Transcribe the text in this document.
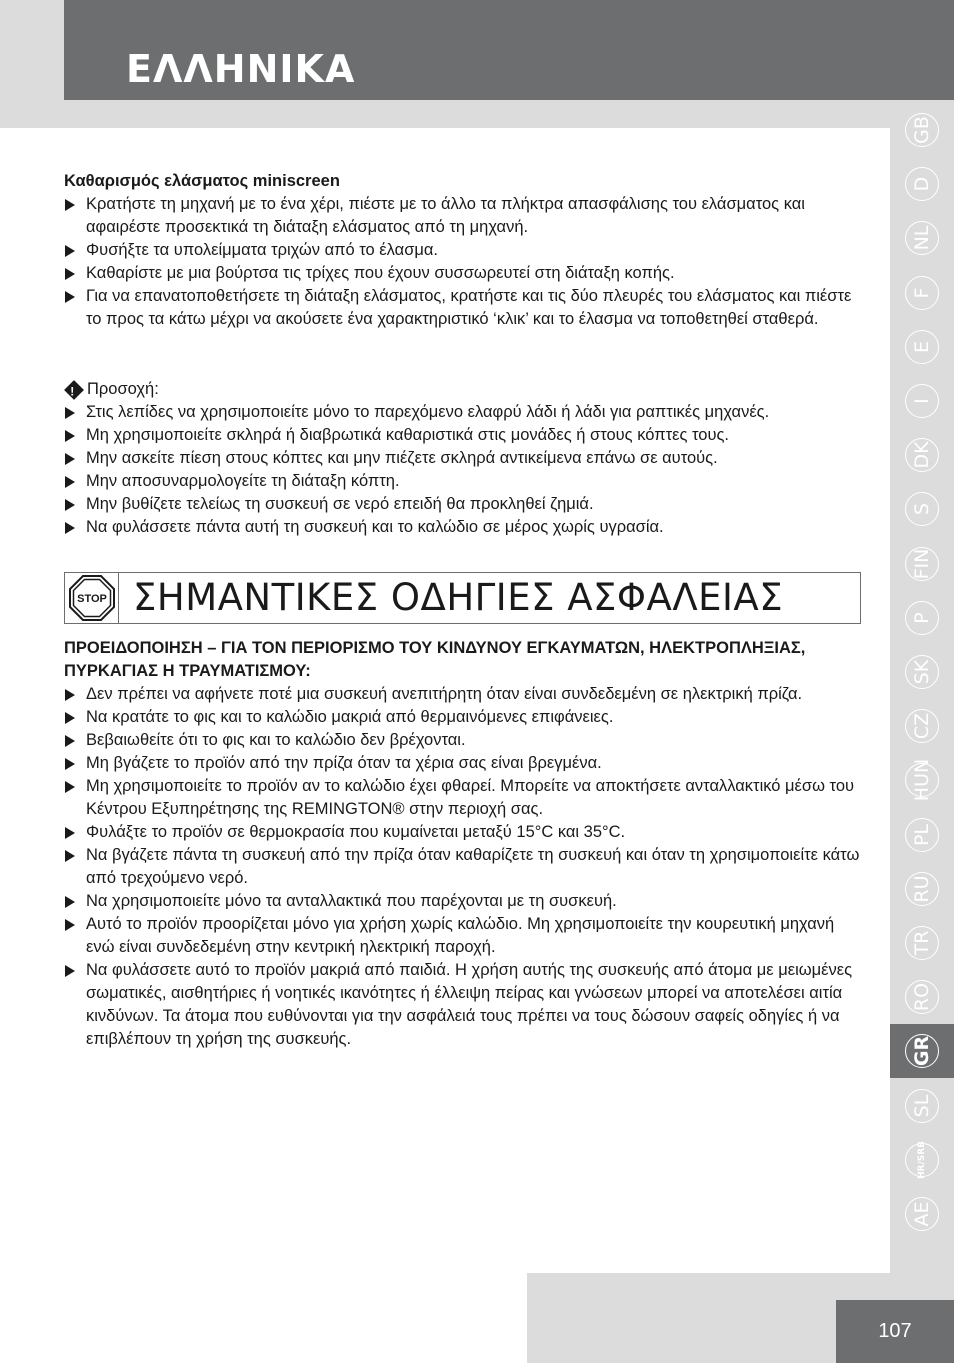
ΕΛΛΗΝΙΚΑ
GB
D
NL
F
E
I
DK
S
FIN
P
SK
CZ
HUN
PL
RU
TR
RO
GR
SL
HR/SRB
AE
Καθαρισμός ελάσματος miniscreen
Κρατήστε τη μηχανή με το ένα χέρι, πιέστε με το άλλο τα πλήκτρα απασφάλισης του ελάσματος και αφαιρέστε προσεκτικά τη διάταξη ελάσματος από τη μηχανή.
Φυσήξτε τα υπολείμματα τριχών από το έλασμα.
Καθαρίστε με μια βούρτσα τις τρίχες που έχουν συσσωρευτεί στη διάταξη κοπής.
Για να επανατοποθετήσετε τη διάταξη ελάσματος, κρατήστε και τις δύο πλευρές του ελάσματος και πιέστε το προς τα κάτω μέχρι να ακούσετε ένα χαρακτηριστικό ‘κλικ’ και το έλασμα να τοποθετηθεί σταθερά.
!
Προσοχή:
Στις λεπίδες να χρησιμοποιείτε μόνο το παρεχόμενο ελαφρύ λάδι ή λάδι για ραπτικές μηχανές.
Μη χρησιμοποιείτε σκληρά ή διαβρωτικά καθαριστικά στις μονάδες ή στους κόπτες τους.
Μην ασκείτε πίεση στους κόπτες και μην πιέζετε σκληρά αντικείμενα επάνω σε αυτούς.
Μην αποσυναρμολογείτε τη διάταξη κόπτη.
Μην βυθίζετε τελείως τη συσκευή σε νερό επειδή θα προκληθεί ζημιά.
Να φυλάσσετε πάντα αυτή τη συσκευή και το καλώδιο σε μέρος χωρίς υγρασία.
STOP ΣΗΜΑΝΤΙΚΕΣ ΟΔΗΓΙΕΣ ΑΣΦΑΛΕΙΑΣ
ΠΡΟΕΙΔΟΠΟΙΗΣΗ – ΓΙΑ ΤΟΝ ΠΕΡΙΟΡΙΣΜΟ ΤΟΥ ΚΙΝΔΥΝΟΥ ΕΓΚΑΥΜΑΤΩΝ, ΗΛΕΚΤΡΟΠΛΗΞΙΑΣ, ΠΥΡΚΑΓΙΑΣ Η ΤΡΑΥΜΑΤΙΣΜΟΥ:
Δεν πρέπει να αφήνετε ποτέ μια συσκευή ανεπιτήρητη όταν είναι συνδεδεμένη σε ηλεκτρική πρίζα.
Να κρατάτε το φις και το καλώδιο μακριά από θερμαινόμενες επιφάνειες.
Βεβαιωθείτε ότι το φις και το καλώδιο δεν βρέχονται.
Μη βγάζετε το προϊόν από την πρίζα όταν τα χέρια σας είναι βρεγμένα.
Μη χρησιμοποιείτε το προϊόν αν το καλώδιο έχει φθαρεί. Μπορείτε να αποκτήσετε ανταλλακτικό μέσω του Κέντρου Εξυπηρέτησης της REMINGTON® στην περιοχή σας.
Φυλάξτε το προϊόν σε θερμοκρασία που κυμαίνεται μεταξύ 15°C και 35°C.
Να βγάζετε πάντα τη συσκευή από την πρίζα όταν καθαρίζετε τη συσκευή και όταν τη χρησιμοποιείτε κάτω από τρεχούμενο νερό.
Να χρησιμοποιείτε μόνο τα ανταλλακτικά που παρέχονται με τη συσκευή.
Αυτό το προϊόν προορίζεται μόνο για χρήση χωρίς καλώδιο. Μη χρησιμοποιείτε την κουρευτική μηχανή ενώ είναι συνδεδεμένη στην κεντρική ηλεκτρική παροχή.
Να φυλάσσετε αυτό το προϊόν μακριά από παιδιά. Η χρήση αυτής της συσκευής από άτομα με μειωμένες σωματικές, αισθητήριες ή νοητικές ικανότητες ή έλλειψη πείρας και γνώσεων μπορεί να αποτελέσει αιτία κινδύνων. Τα άτομα που ευθύνονται για την ασφάλειά τους πρέπει να τους δώσουν σαφείς οδηγίες ή να επιβλέπουν τη χρήση της συσκευής.
107
